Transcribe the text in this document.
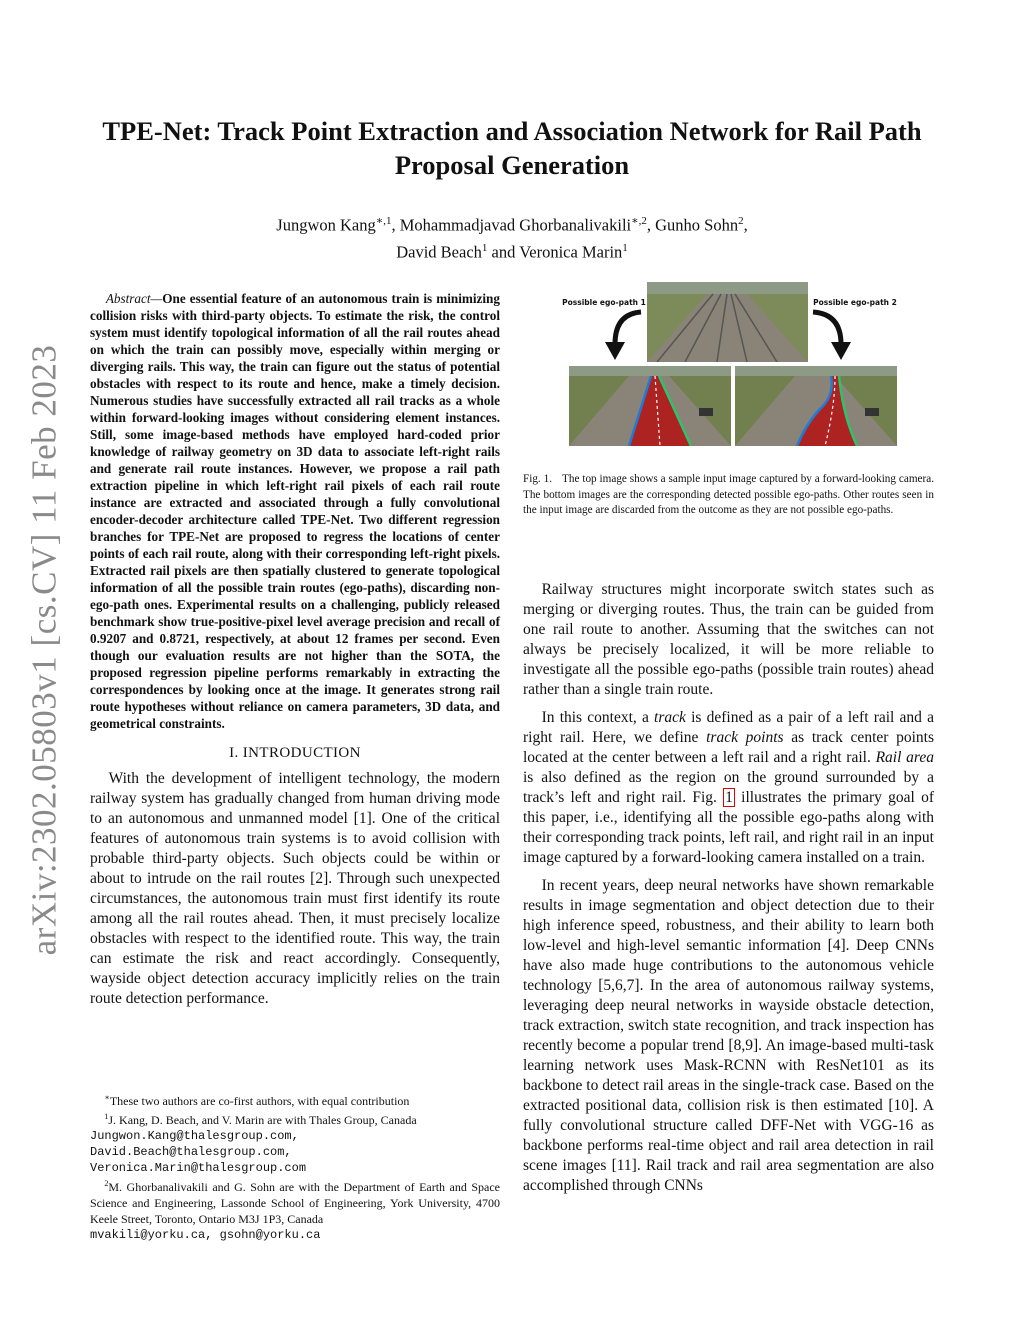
arXiv:2302.05803v1 [cs.CV] 11 Feb 2023
TPE-Net: Track Point Extraction and Association Network for Rail Path Proposal Generation
Jungwon Kang$^{∗,1}$, Mohammadjavad Ghorbanalivakili$^{∗,2}$, Gunho Sohn$^2$,
David Beach$^1$ and Veronica Marin$^1$

Abstract—One essential feature of an autonomous train is minimizing collision risks with third-party objects. To estimate the risk, the control system must identify topological information of all the rail routes ahead on which the train can possibly move, especially within merging or diverging rails. This way, the train can figure out the status of potential obstacles with respect to its route and hence, make a timely decision. Numerous studies have successfully extracted all rail tracks as a whole within forward-looking images without considering element instances. Still, some image-based methods have employed hard-coded prior knowledge of railway geometry on 3D data to associate left-right rails and generate rail route instances. However, we propose a rail path extraction pipeline in which left-right rail pixels of each rail route instance are extracted and associated through a fully convolutional encoder-decoder architecture called TPE-Net. Two different regression branches for TPE-Net are proposed to regress the locations of center points of each rail route, along with their corresponding left-right pixels. Extracted rail pixels are then spatially clustered to generate topological information of all the possible train routes (ego-paths), discarding non-ego-path ones. Experimental results on a challenging, publicly released benchmark show true-positive-pixel level average precision and recall of 0.9207 and 0.8721, respectively, at about 12 frames per second. Even though our evaluation results are not higher than the SOTA, the proposed regression pipeline performs remarkably in extracting the correspondences by looking once at the image. It generates strong rail route hypotheses without reliance on camera parameters, 3D data, and geometrical constraints.

I. INTRODUCTION

With the development of intelligent technology, the modern railway system has gradually changed from human driving mode to an autonomous and unmanned model [1]. One of the critical features of autonomous train systems is to avoid collision with probable third-party objects. Such objects could be within or about to intrude on the rail routes [2]. Through such unexpected circumstances, the autonomous train must first identify its route among all the rail routes ahead. Then, it must precisely localize obstacles with respect to the identified route. This way, the train can estimate the risk and react accordingly. Consequently, wayside object detection accuracy implicitly relies on the train route detection performance.

∗These two authors are co-first authors, with equal contribution

$^1$J. Kang, D. Beach, and V. Marin are with Thales Group, Canada

Jungwon.Kang@thalesgroup.com,
David.Beach@thalesgroup.com,
Veronica.Marin@thalesgroup.com

$^2$M. Ghorbanalivakili and G. Sohn are with the Department of Earth and Space Science and Engineering, Lassonde School of Engineering, York University, 4700 Keele Street, Toronto, Ontario M3J 1P3, Canada

mvakili@yorku.ca, gsohn@yorku.ca
Possible ego-path 1	Possible ego-path 2
Fig. 1. The top image shows a sample input image captured by a forward-looking camera. The bottom images are the corresponding detected possible ego-paths. Other routes seen in the input image are discarded from the outcome as they are not possible ego-paths.

Railway structures might incorporate switch states such as merging or diverging routes. Thus, the train can be guided from one rail route to another. Assuming that the switches can not always be precisely localized, it will be more reliable to investigate all the possible ego-paths (possible train routes) ahead rather than a single train route.

In this context, a track is defined as a pair of a left rail and a right rail. Here, we define track points as track center points located at the center between a left rail and a right rail. Rail area is also defined as the region on the ground surrounded by a track’s left and right rail. Fig. 1 illustrates the primary goal of this paper, i.e., identifying all the possible ego-paths along with their corresponding track points, left rail, and right rail in an input image captured by a forward-looking camera installed on a train.

In recent years, deep neural networks have shown remarkable results in image segmentation and object detection due to their high inference speed, robustness, and their ability to learn both low-level and high-level semantic information [4]. Deep CNNs have also made huge contributions to the autonomous vehicle technology [5,6,7]. In the area of autonomous railway systems, leveraging deep neural networks in wayside obstacle detection, track extraction, switch state recognition, and track inspection has recently become a popular trend [8,9]. An image-based multi-task learning network uses Mask-RCNN with ResNet101 as its backbone to detect rail areas in the single-track case. Based on the extracted positional data, collision risk is then estimated [10]. A fully convolutional structure called DFF-Net with VGG-16 as backbone performs real-time object and rail area detection in rail scene images [11]. Rail track and rail area segmentation are also accomplished through CNNs
